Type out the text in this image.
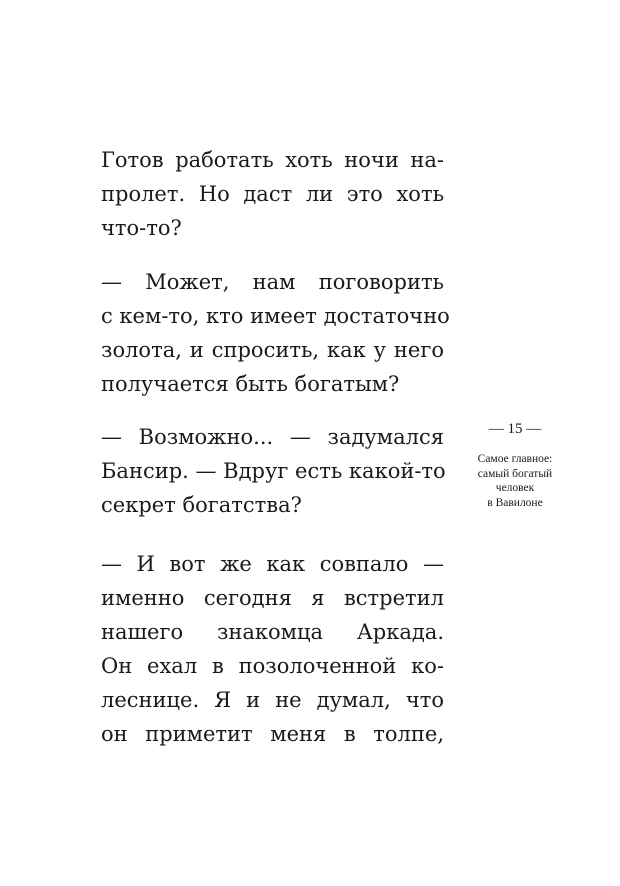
Готов работать хоть ночи на-
пролет. Но даст ли это хоть
что-то?
— Может, нам поговорить
с кем-то, кто имеет достаточно
золота, и спросить, как у него
получается быть богатым?
— Возможно... — задумался
Бансир. — Вдруг есть какой-то
секрет богатства?
— И вот же как совпало —
именно сегодня я встретил
нашего знакомца Аркада.
Он ехал в позолоченной ко-
леснице. Я и не думал, что
он приметит меня в толпе,
— 15 —
Самое главное:
самый богатый
человек
в Вавилоне
